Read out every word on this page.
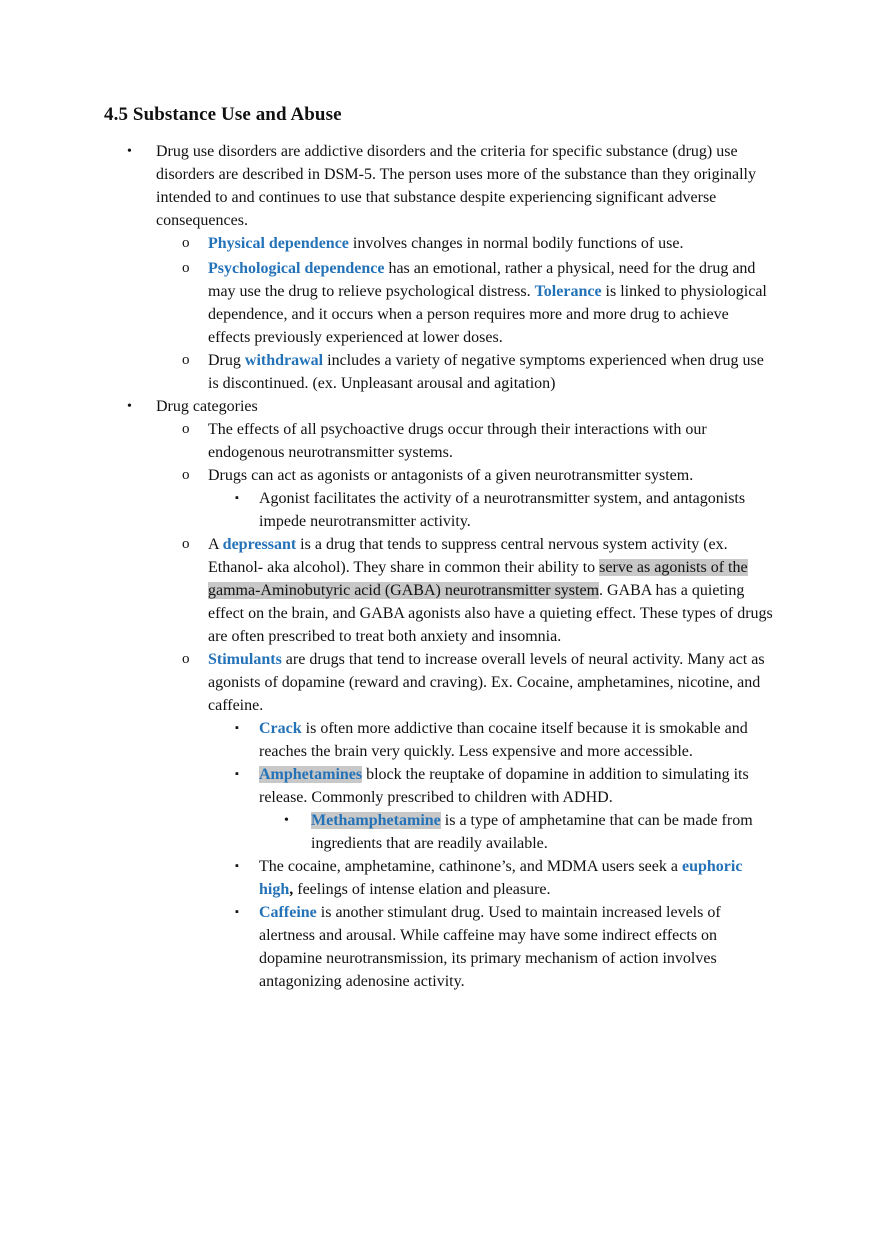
4.5 Substance Use and Abuse
• Drug use disorders are addictive disorders and the criteria for specific substance (drug) use disorders are described in DSM-5. The person uses more of the substance than they originally intended to and continues to use that substance despite experiencing significant adverse consequences.
o Physical dependence involves changes in normal bodily functions of use.
o Psychological dependence has an emotional, rather a physical, need for the drug and may use the drug to relieve psychological distress. Tolerance is linked to physiological dependence, and it occurs when a person requires more and more drug to achieve effects previously experienced at lower doses.
o Drug withdrawal includes a variety of negative symptoms experienced when drug use is discontinued. (ex. Unpleasant arousal and agitation)
• Drug categories
o The effects of all psychoactive drugs occur through their interactions with our endogenous neurotransmitter systems.
o Drugs can act as agonists or antagonists of a given neurotransmitter system.
▪ Agonist facilitates the activity of a neurotransmitter system, and antagonists impede neurotransmitter activity.
o A depressant is a drug that tends to suppress central nervous system activity (ex. Ethanol- aka alcohol). They share in common their ability to serve as agonists of the gamma-Aminobutyric acid (GABA) neurotransmitter system. GABA has a quieting effect on the brain, and GABA agonists also have a quieting effect. These types of drugs are often prescribed to treat both anxiety and insomnia.
o Stimulants are drugs that tend to increase overall levels of neural activity. Many act as agonists of dopamine (reward and craving). Ex. Cocaine, amphetamines, nicotine, and caffeine.
▪ Crack is often more addictive than cocaine itself because it is smokable and reaches the brain very quickly. Less expensive and more accessible.
▪ Amphetamines block the reuptake of dopamine in addition to simulating its release. Commonly prescribed to children with ADHD.
• Methamphetamine is a type of amphetamine that can be made from ingredients that are readily available.
▪ The cocaine, amphetamine, cathinone’s, and MDMA users seek a euphoric high, feelings of intense elation and pleasure.
▪ Caffeine is another stimulant drug. Used to maintain increased levels of alertness and arousal. While caffeine may have some indirect effects on dopamine neurotransmission, its primary mechanism of action involves antagonizing adenosine activity.
